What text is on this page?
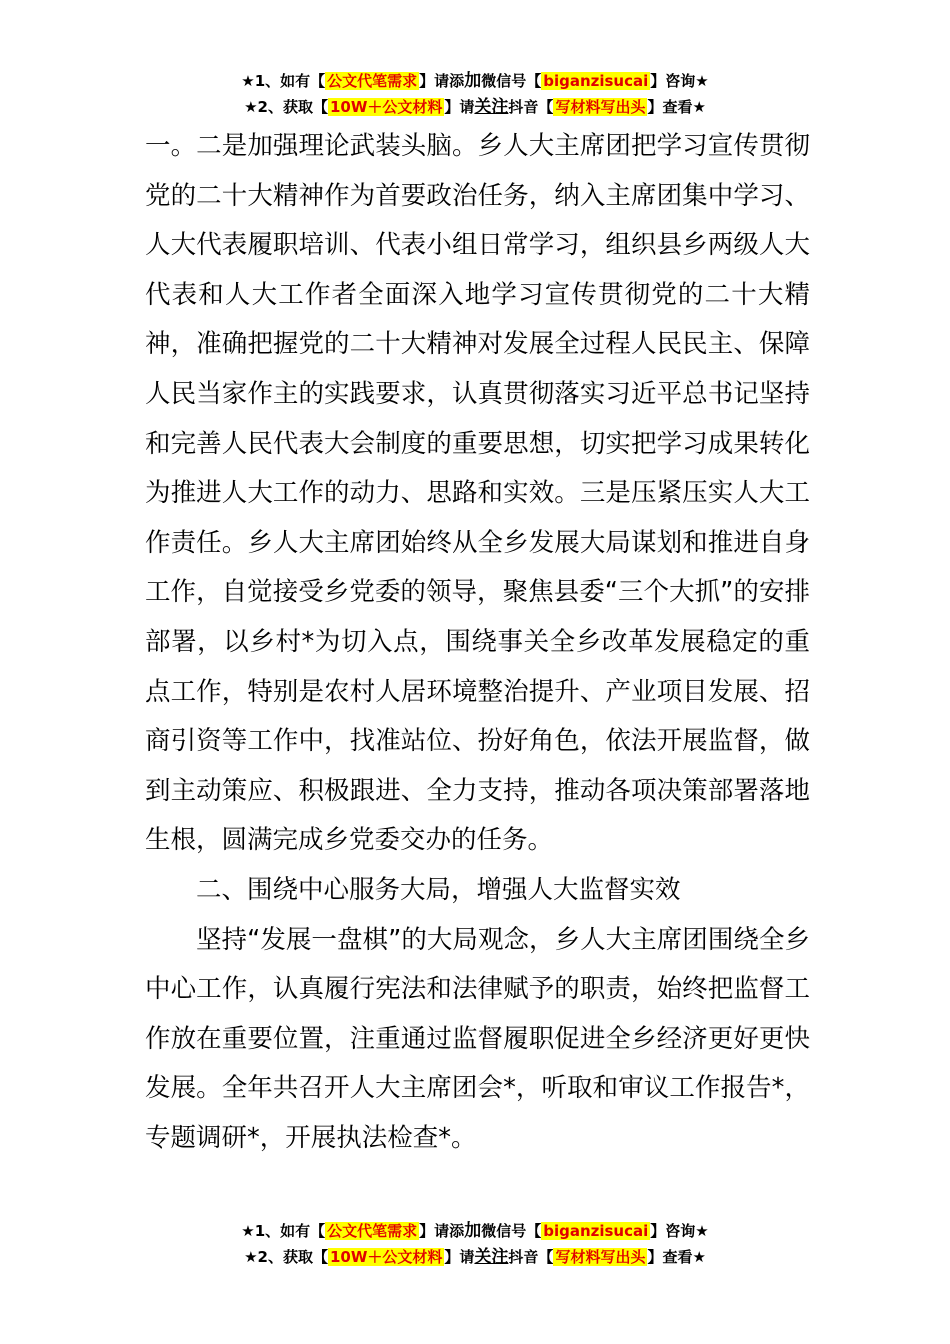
★1、如有【 公文代笔需求 】请添加微信号【 biganzisucai 】咨询★
★2、获取【 10W＋公文材料 】请关注抖音【 写材料写出头 】查看★

一。二是加强理论武装头脑。乡人大主席团把学习宣传贯彻党的二十大精神作为首要政治任务，纳入主席团集中学习、人大代表履职培训、代表小组日常学习，组织县乡两级人大代表和人大工作者全面深入地学习宣传贯彻党的二十大精神，准确把握党的二十大精神对发展全过程人民民主、保障人民当家作主的实践要求，认真贯彻落实习近平总书记坚持和完善人民代表大会制度的重要思想，切实把学习成果转化为推进人大工作的动力、思路和实效。三是压紧压实人大工作责任。乡人大主席团始终从全乡发展大局谋划和推进自身工作，自觉接受乡党委的领导，聚焦县委“三个大抓”的安排部署，以乡村*为切入点，围绕事关全乡改革发展稳定的重点工作，特别是农村人居环境整治提升、产业项目发展、招商引资等工作中，找准站位、扮好角色，依法开展监督，做到主动策应、积极跟进、全力支持，推动各项决策部署落地生根，圆满完成乡党委交办的任务。

二、围绕中心服务大局，增强人大监督实效

坚持“发展一盘棋”的大局观念，乡人大主席团围绕全乡中心工作，认真履行宪法和法律赋予的职责，始终把监督工作放在重要位置，注重通过监督履职促进全乡经济更好更快发展。全年共召开人大主席团会*，听取和审议工作报告*，专题调研*，开展执法检查*。

★1、如有【 公文代笔需求 】请添加微信号【 biganzisucai 】咨询★
★2、获取【 10W＋公文材料 】请关注抖音【 写材料写出头 】查看★
